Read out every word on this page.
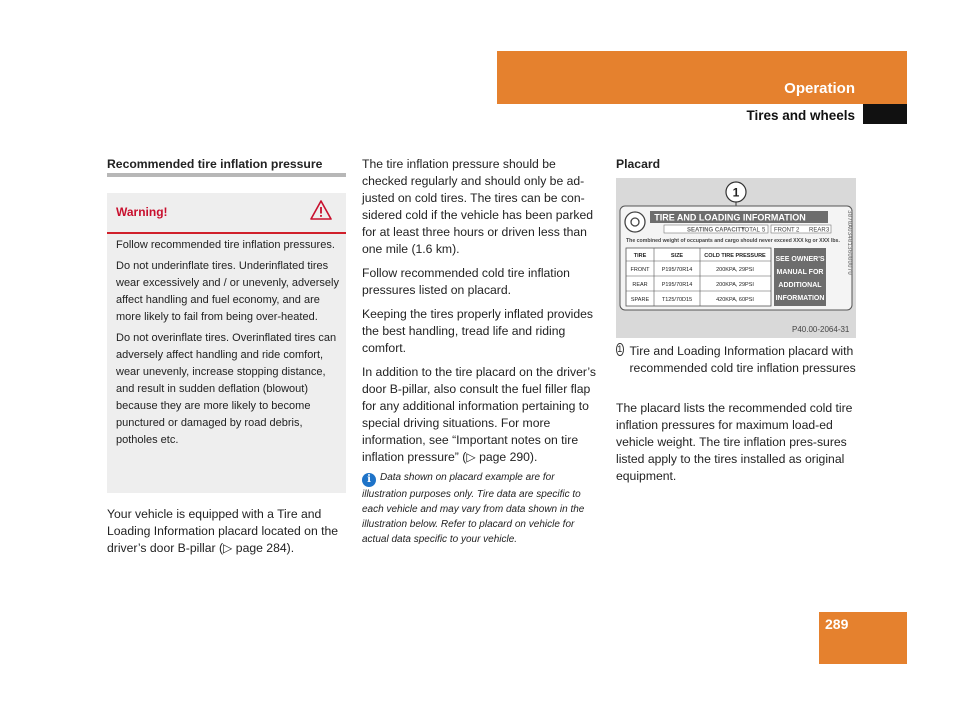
Operation
Tires and wheels
Recommended tire inflation pressure
Warning!

Follow recommended tire inflation pressures.

Do not underinflate tires. Underinflated tires wear excessively and / or unevenly, adversely affect handling and fuel economy, and are more likely to fail from being over-heated.

Do not overinflate tires. Overinflated tires can adversely affect handling and ride comfort, wear unevenly, increase stopping distance, and result in sudden deflation (blowout) because they are more likely to become punctured or damaged by road debris, potholes etc.

Your vehicle is equipped with a Tire and Loading Information placard located on the driver’s door B-pillar (▷ page 284).

The tire inflation pressure should be checked regularly and should only be ad-justed on cold tires. The tires can be con-sidered cold if the vehicle has been parked for at least three hours or driven less than one mile (1.6 km).

Follow recommended cold tire inflation pressures listed on placard.

Keeping the tires properly inflated provides the best handling, tread life and riding comfort.

In addition to the tire placard on the driver’s door B-pillar, also consult the fuel filler flap for any additional information pertaining to special driving situations. For more information, see “Important notes on tire inflation pressure” (▷ page 290).

i Data shown on placard example are for illustration purposes only. Tire data are specific to each vehicle and may vary from data shown in the illustration below. Refer to placard on vehicle for actual data specific to your vehicle.
Placard
1
TIRE AND LOADING INFORMATION
SEATING CAPACITY
TOTAL 5 FRONT 2 REAR 3
The combined weight of occupants and cargo should never exceed XXX kg or XXX lbs. 3070A0340136000070
TIRE	SIZE	COLD TIRE PRESSURE
FRONT P195/70R14	200KPA, 29PSI
REAR	P195/70R14	200KPA, 29PSI
SPARE T125/70D15	420KPA, 60PSI
SEE OWNER'S
MANUAL FOR
ADDITIONAL
INFORMATION
P40.00-2064-31
1 Tire and Loading Information placard with recommended cold tire inflation pressures

The placard lists the recommended cold tire inflation pressures for maximum load-ed vehicle weight. The tire inflation pres-sures listed apply to the tires installed as original equipment.

289
